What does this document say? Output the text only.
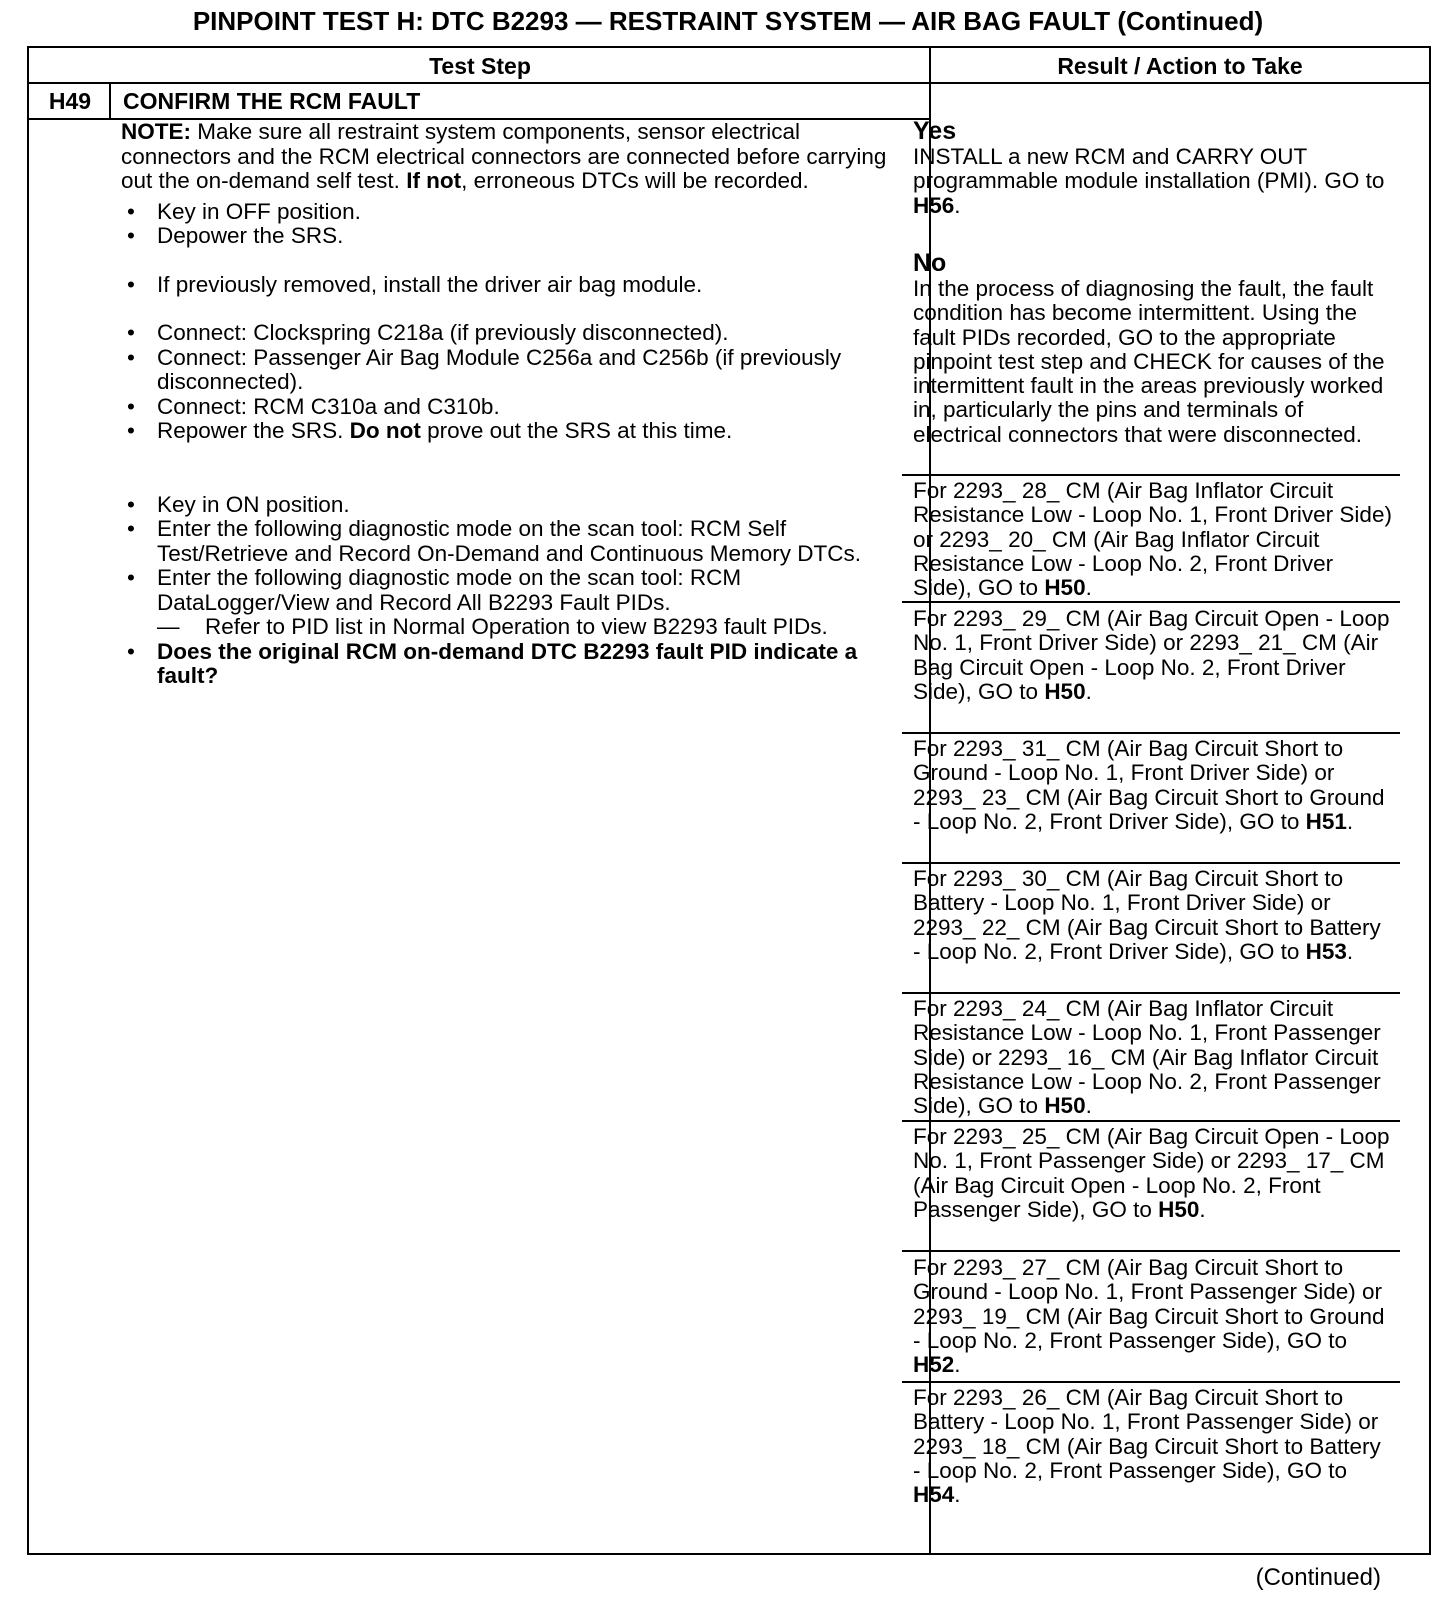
PINPOINT TEST H: DTC B2293 — RESTRAINT SYSTEM — AIR BAG FAULT (Continued)
Test Step	Result / Action to Take
H49	CONFIRM THE RCM FAULT

NOTE: Make sure all restraint system components, sensor electrical connectors and the RCM electrical connectors are connected before carrying out the on-demand self test. If not, erroneous DTCs will be recorded.

• Key in OFF position.

• Depower the SRS.

• If previously removed, install the driver air bag module.

• Connect: Clockspring C218a (if previously disconnected).

• Connect: Passenger Air Bag Module C256a and C256b (if previously disconnected).

• Connect: RCM C310a and C310b.

• Repower the SRS. Do not prove out the SRS at this time.

• Key in ON position.

• Enter the following diagnostic mode on the scan tool: RCM Self Test/Retrieve and Record On-Demand and Continuous Memory DTCs.

• Enter the following diagnostic mode on the scan tool: RCM DataLogger/View and Record All B2293 Fault PIDs.

— Refer to PID list in Normal Operation to view B2293 fault PIDs.

• Does the original RCM on-demand DTC B2293 fault PID indicate a fault?

Yes
INSTALL a new RCM and CARRY OUT programmable module installation (PMI). GO to H56.
No
In the process of diagnosing the fault, the fault condition has become intermittent. Using the fault PIDs recorded, GO to the appropriate pinpoint test step and CHECK for causes of the intermittent fault in the areas previously worked in, particularly the pins and terminals of electrical connectors that were disconnected.
For 2293_ 28_ CM (Air Bag Inflator Circuit Resistance Low - Loop No. 1, Front Driver Side) or 2293_ 20_ CM (Air Bag Inflator Circuit Resistance Low - Loop No. 2, Front Driver Side), GO to H50.
For 2293_ 29_ CM (Air Bag Circuit Open - Loop No. 1, Front Driver Side) or 2293_ 21_ CM (Air Bag Circuit Open - Loop No. 2, Front Driver Side), GO to H50.
For 2293_ 31_ CM (Air Bag Circuit Short to Ground - Loop No. 1, Front Driver Side) or 2293_ 23_ CM (Air Bag Circuit Short to Ground - Loop No. 2, Front Driver Side), GO to H51.
For 2293_ 30_ CM (Air Bag Circuit Short to Battery - Loop No. 1, Front Driver Side) or 2293_ 22_ CM (Air Bag Circuit Short to Battery - Loop No. 2, Front Driver Side), GO to H53.
For 2293_ 24_ CM (Air Bag Inflator Circuit Resistance Low - Loop No. 1, Front Passenger Side) or 2293_ 16_ CM (Air Bag Inflator Circuit Resistance Low - Loop No. 2, Front Passenger Side), GO to H50.
For 2293_ 25_ CM (Air Bag Circuit Open - Loop No. 1, Front Passenger Side) or 2293_ 17_ CM (Air Bag Circuit Open - Loop No. 2, Front Passenger Side), GO to H50.
For 2293_ 27_ CM (Air Bag Circuit Short to Ground - Loop No. 1, Front Passenger Side) or 2293_ 19_ CM (Air Bag Circuit Short to Ground - Loop No. 2, Front Passenger Side), GO to H52.
For 2293_ 26_ CM (Air Bag Circuit Short to Battery - Loop No. 1, Front Passenger Side) or 2293_ 18_ CM (Air Bag Circuit Short to Battery - Loop No. 2, Front Passenger Side), GO to H54.
(Continued)
